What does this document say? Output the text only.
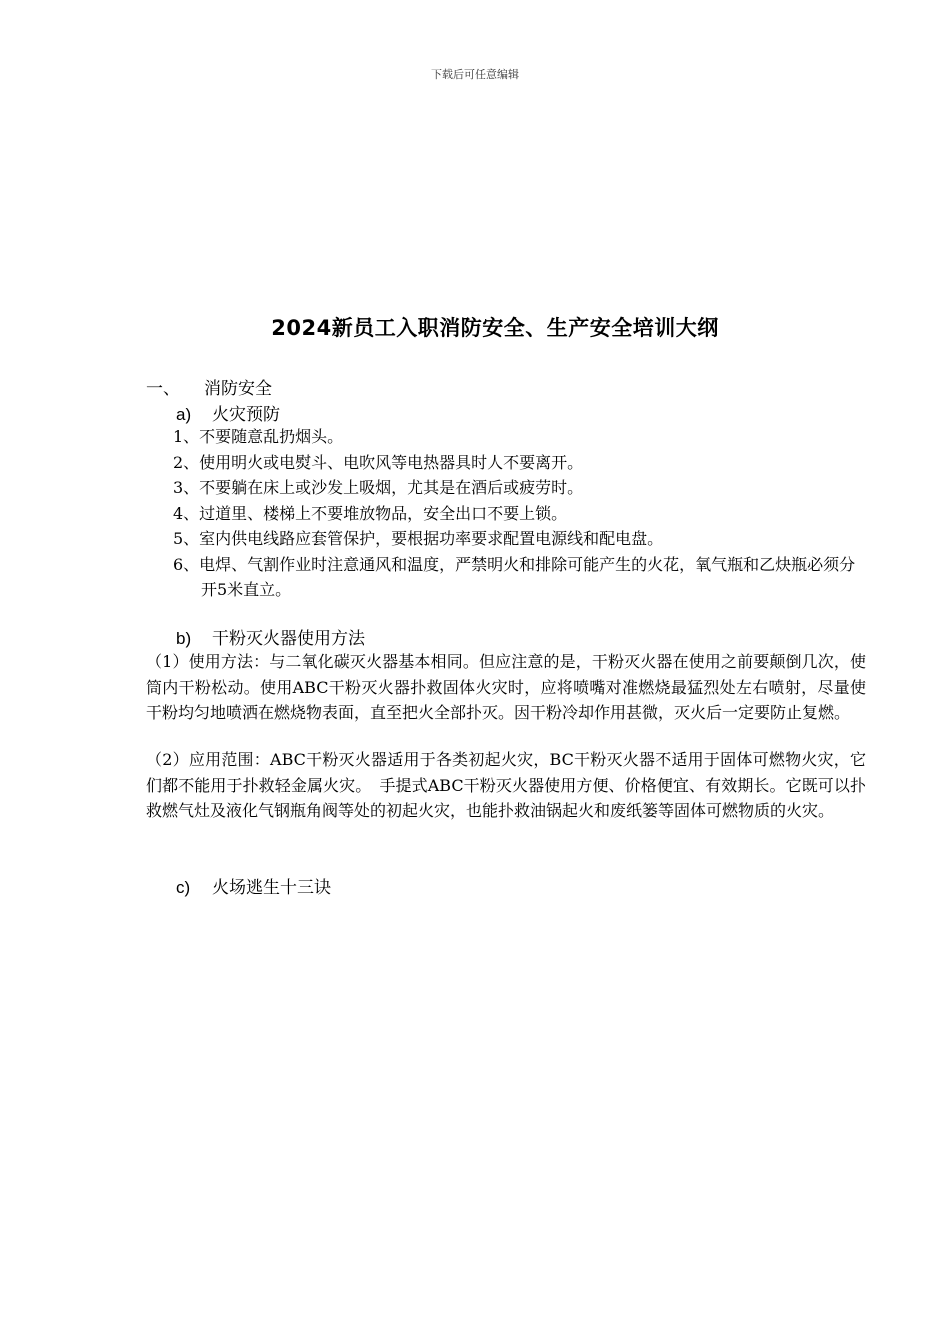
下载后可任意编辑
2024新员工入职消防安全、生产安全培训大纲
一、 消防安全
a) 火灾预防
1、不要随意乱扔烟头。
2、使用明火或电熨斗、电吹风等电热器具时人不要离开。
3、不要躺在床上或沙发上吸烟，尤其是在酒后或疲劳时。
4、过道里、楼梯上不要堆放物品，安全出口不要上锁。
5、室内供电线路应套管保护，要根据功率要求配置电源线和配电盘。
6、电焊、气割作业时注意通风和温度，严禁明火和排除可能产生的火花，氧气瓶和乙炔瓶必须分开5米直立。
b) 干粉灭火器使用方法

（1）使用方法：与二氧化碳灭火器基本相同。但应注意的是，干粉灭火器在使用之前要颠倒几次，使筒内干粉松动。使用ABC干粉灭火器扑救固体火灾时，应将喷嘴对准燃烧最猛烈处左右喷射，尽量使干粉均匀地喷洒在燃烧物表面，直至把火全部扑灭。因干粉冷却作用甚微，灭火后一定要防止复燃。

（2）应用范围：ABC干粉灭火器适用于各类初起火灾，BC干粉灭火器不适用于固体可燃物火灾，它们都不能用于扑救轻金属火灾。　手提式ABC干粉灭火器使用方便、价格便宜、有效期长。它既可以扑救燃气灶及液化气钢瓶角阀等处的初起火灾，也能扑救油锅起火和废纸篓等固体可燃物质的火灾。

c) 火场逃生十三诀
